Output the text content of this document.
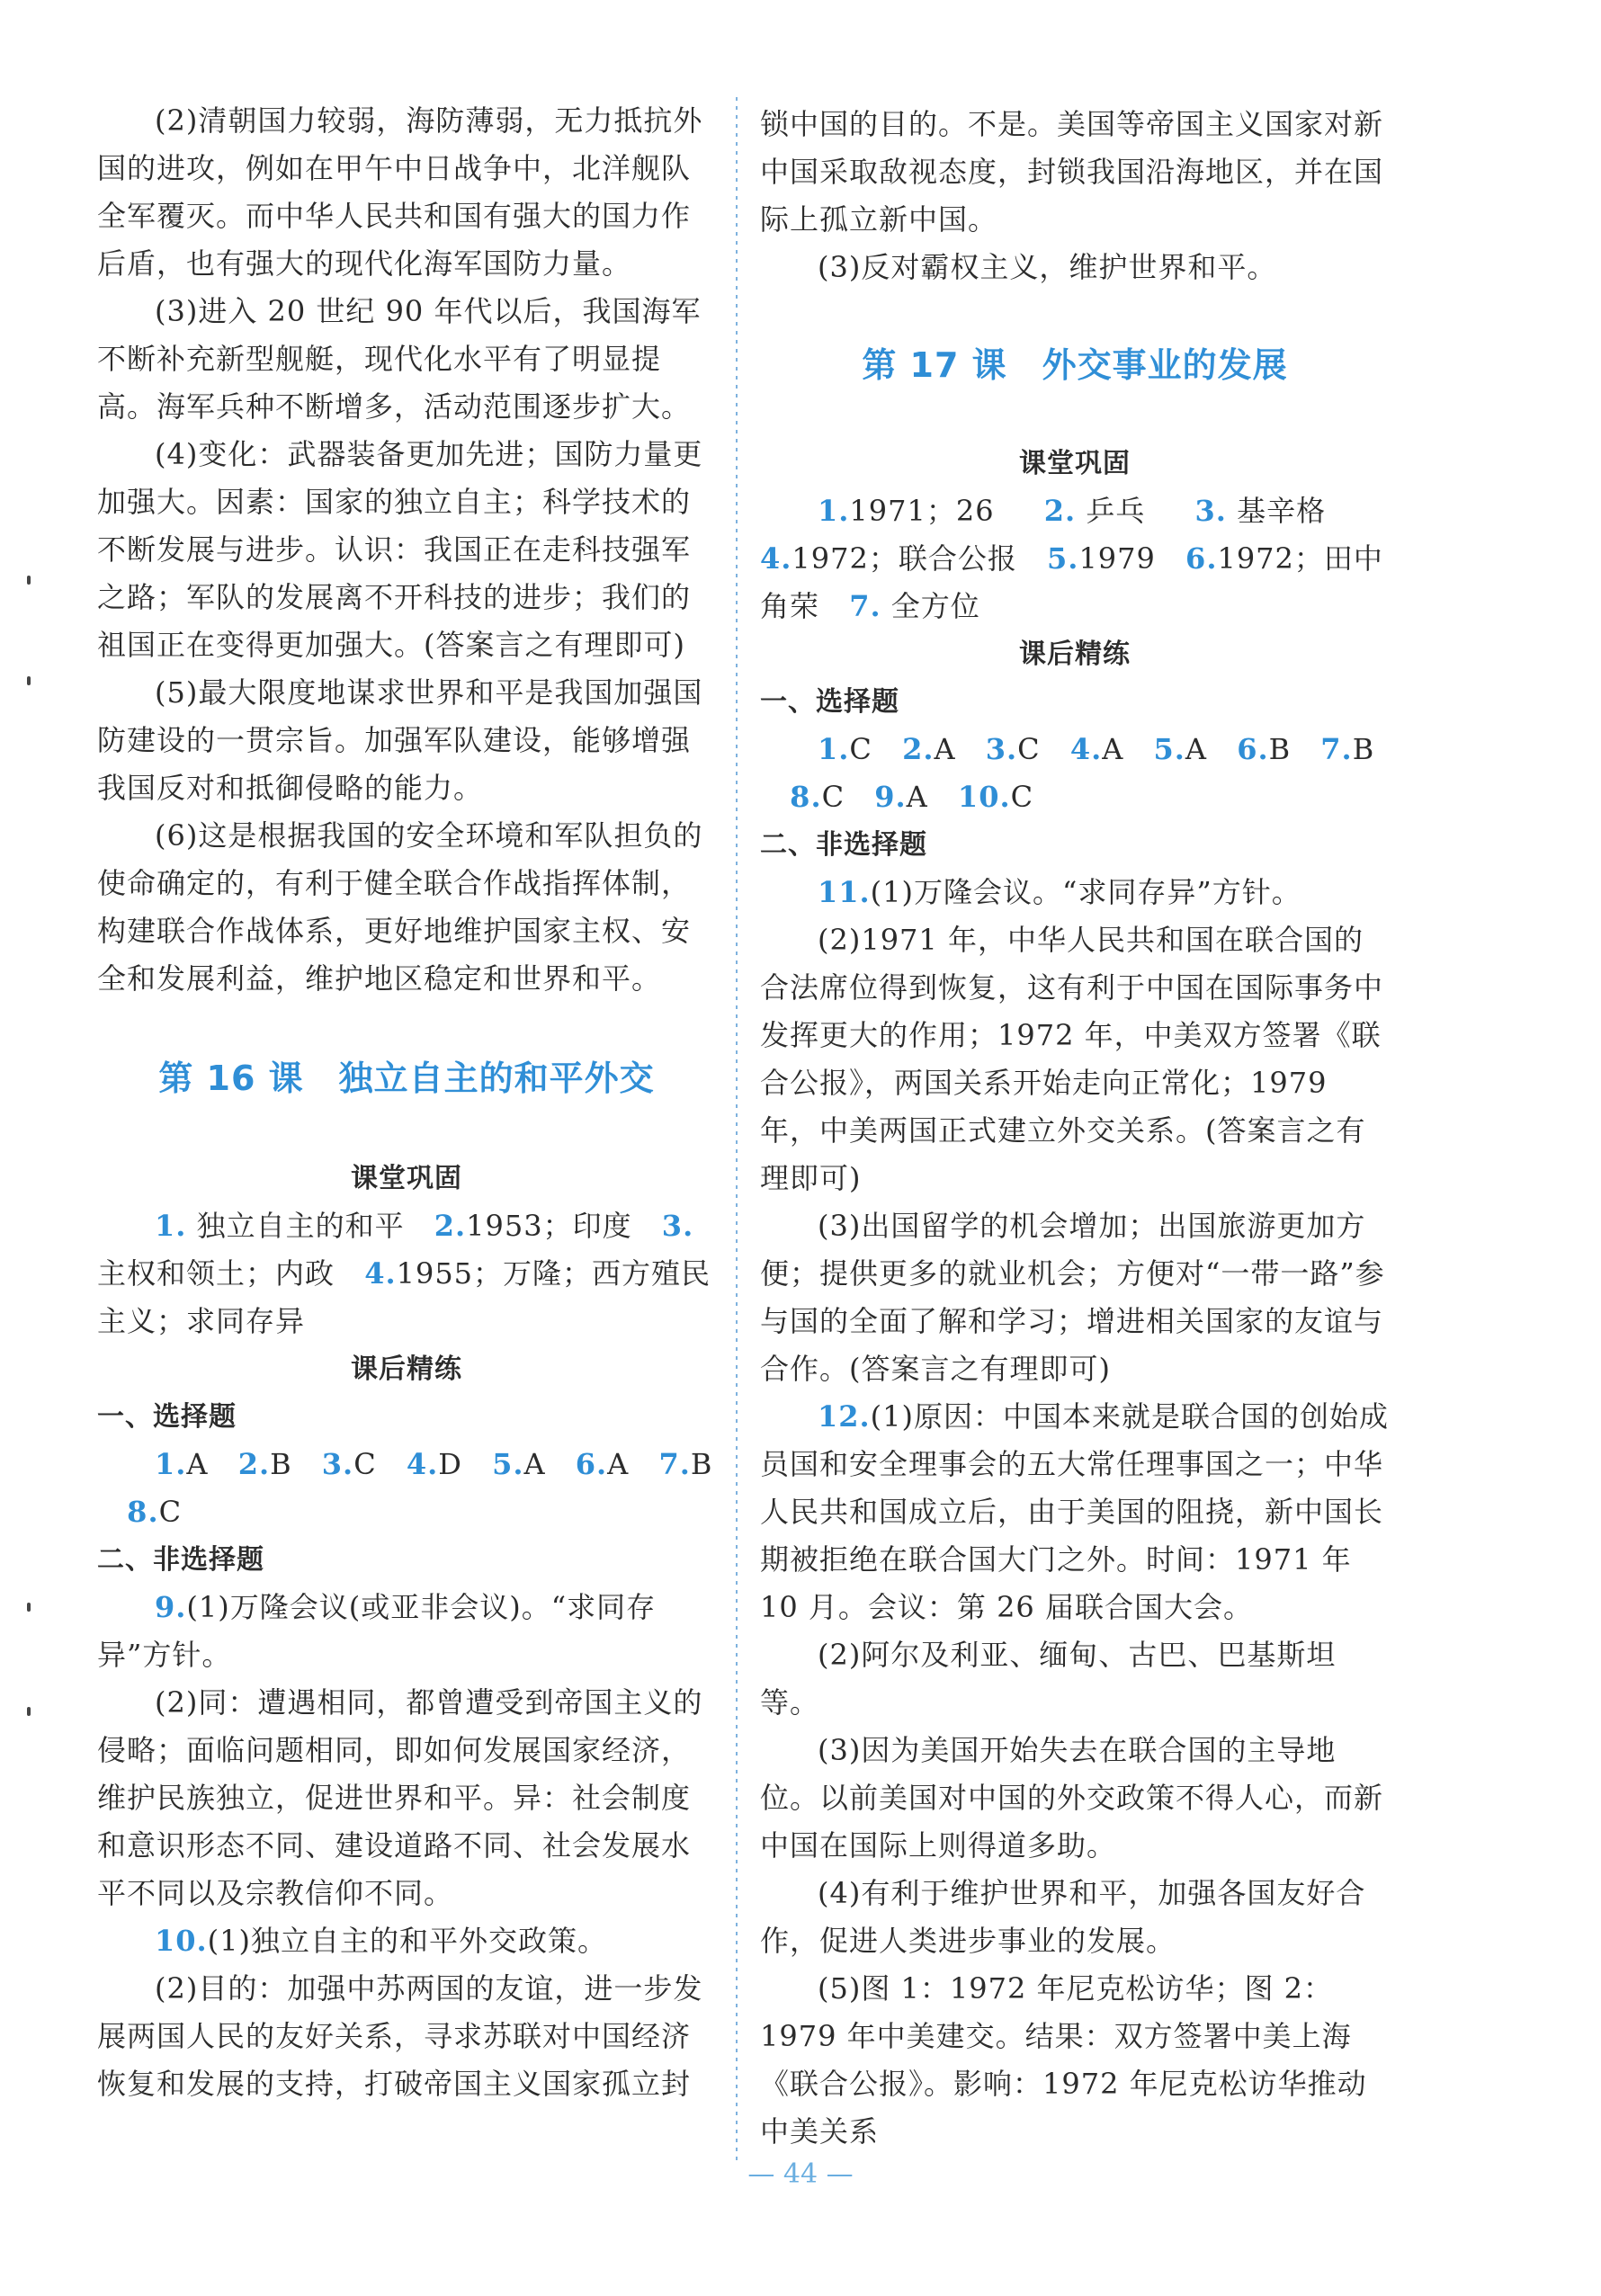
(2)清朝国力较弱，海防薄弱，无力抵抗外国的进攻，例如在甲午中日战争中，北洋舰队全军覆灭。而中华人民共和国有强大的国力作后盾，也有强大的现代化海军国防力量。

(3)进入 20 世纪 90 年代以后，我国海军不断补充新型舰艇，现代化水平有了明显提高。海军兵种不断增多，活动范围逐步扩大。

(4)变化：武器装备更加先进；国防力量更加强大。因素：国家的独立自主；科学技术的不断发展与进步。认识：我国正在走科技强军之路；军队的发展离不开科技的进步；我们的祖国正在变得更加强大。(答案言之有理即可)

(5)最大限度地谋求世界和平是我国加强国防建设的一贯宗旨。加强军队建设，能够增强我国反对和抵御侵略的能力。

(6)这是根据我国的安全环境和军队担负的使命确定的，有利于健全联合作战指挥体制，构建联合作战体系，更好地维护国家主权、安全和发展利益，维护地区稳定和世界和平。

第 16 课　独立自主的和平外交
课堂巩固

1. 独立自主的和平 2.1953；印度 3. 主权和领土；内政 4.1955；万隆；西方殖民主义；求同存异

课后精练
一、选择题

1.A 2.B 3.C 4.D 5.A 6.A 7.B 8.C

二、非选择题

9.(1)万隆会议(或亚非会议)。“求同存异”方针。

(2)同：遭遇相同，都曾遭受到帝国主义的侵略；面临问题相同，即如何发展国家经济，维护民族独立，促进世界和平。异：社会制度和意识形态不同、建设道路不同、社会发展水平不同以及宗教信仰不同。

10.(1)独立自主的和平外交政策。

(2)目的：加强中苏两国的友谊，进一步发展两国人民的友好关系，寻求苏联对中国经济恢复和发展的支持，打破帝国主义国家孤立封

锁中国的目的。不是。美国等帝国主义国家对新中国采取敌视态度，封锁我国沿海地区，并在国际上孤立新中国。

(3)反对霸权主义，维护世界和平。

第 17 课　外交事业的发展
课堂巩固

1.1971；26 2. 乒乓 3. 基辛格 4.1972；联合公报 5.1979 6.1972；田中角荣 7. 全方位

课后精练
一、选择题

1.C 2.A 3.C 4.A 5.A 6.B 7.B 8.C 9.A 10.C

二、非选择题

11.(1)万隆会议。“求同存异”方针。

(2)1971 年，中华人民共和国在联合国的合法席位得到恢复，这有利于中国在国际事务中发挥更大的作用；1972 年，中美双方签署《联合公报》，两国关系开始走向正常化；1979 年，中美两国正式建立外交关系。(答案言之有理即可)

(3)出国留学的机会增加；出国旅游更加方便；提供更多的就业机会；方便对“一带一路”参与国的全面了解和学习；增进相关国家的友谊与合作。(答案言之有理即可)

12.(1)原因：中国本来就是联合国的创始成员国和安全理事会的五大常任理事国之一；中华人民共和国成立后，由于美国的阻挠，新中国长期被拒绝在联合国大门之外。时间：1971 年 10 月。会议：第 26 届联合国大会。

(2)阿尔及利亚、缅甸、古巴、巴基斯坦等。

(3)因为美国开始失去在联合国的主导地位。以前美国对中国的外交政策不得人心，而新中国在国际上则得道多助。

(4)有利于维护世界和平，加强各国友好合作，促进人类进步事业的发展。

(5)图 1：1972 年尼克松访华；图 2：1979 年中美建交。结果：双方签署中美上海《联合公报》。影响：1972 年尼克松访华推动中美关系

— 44 —
